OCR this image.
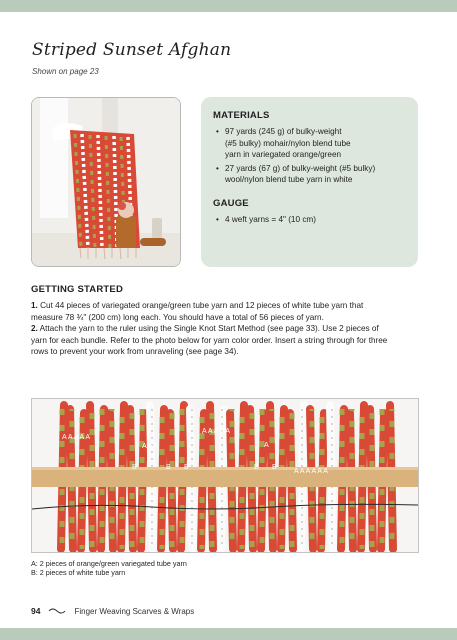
Striped Sunset Afghan

Shown on page 23

MATERIALS
• 97 yards (245 g) of bulky-weight
(#5 bulky) mohair/nylon blend tube
yarn in variegated orange/green
• 27 yards (67 g) of bulky-weight (#5 bulky)
wool/nylon blend tube yarn in white
GAUGE
• 4 weft yarns = 4" (10 cm)
GETTING STARTED

1. Cut 44 pieces of variegated orange/green tube yarn and 12 pieces of white tube yarn that
measure 78 ¾" (200 cm) long each. You should have a total of 56 pieces of yarn.

2. Attach the yarn to the ruler using the Single Knot Start Method (see page 33). Use 2 pieces of
yarn for each bundle. Refer to the photo below for yarn color order. Insert a string through for three
rows to prevent your work from unraveling (see page 34).

A A A A A
A A A A A
A A A	A
B	B B	B B
A A A A A A

A: 2 pieces of orange/green variegated tube yarn

B: 2 pieces of white tube yarn

94	Finger Weaving Scarves & Wraps
